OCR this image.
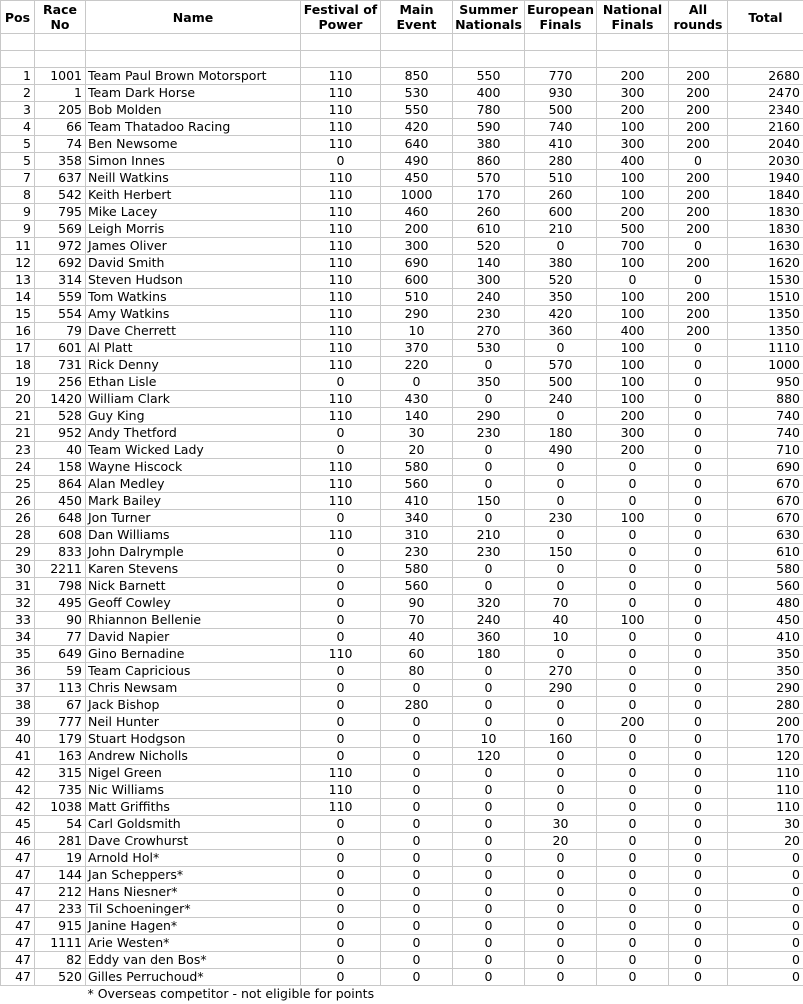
Pos	Race No	Name	Festival of Power	Main Event	Summer Nationals	European Finals	National Finals	All rounds	Total

1	1001	Team Paul Brown Motorsport	110	850	550	770	200	200	2680
2	1	Team Dark Horse	110	530	400	930	300	200	2470
3	205	Bob Molden	110	550	780	500	200	200	2340
4	66	Team Thatadoo Racing	110	420	590	740	100	200	2160
5	74	Ben Newsome	110	640	380	410	300	200	2040
5	358	Simon Innes	0	490	860	280	400	0	2030
7	637	Neill Watkins	110	450	570	510	100	200	1940
8	542	Keith Herbert	110	1000	170	260	100	200	1840
9	795	Mike Lacey	110	460	260	600	200	200	1830
9	569	Leigh Morris	110	200	610	210	500	200	1830
11	972	James Oliver	110	300	520	0	700	0	1630
12	692	David Smith	110	690	140	380	100	200	1620
13	314	Steven Hudson	110	600	300	520	0	0	1530
14	559	Tom Watkins	110	510	240	350	100	200	1510
15	554	Amy Watkins	110	290	230	420	100	200	1350
16	79	Dave Cherrett	110	10	270	360	400	200	1350
17	601	Al Platt	110	370	530	0	100	0	1110
18	731	Rick Denny	110	220	0	570	100	0	1000
19	256	Ethan Lisle	0	0	350	500	100	0	950
20	1420	William Clark	110	430	0	240	100	0	880
21	528	Guy King	110	140	290	0	200	0	740
21	952	Andy Thetford	0	30	230	180	300	0	740
23	40	Team Wicked Lady	0	20	0	490	200	0	710
24	158	Wayne Hiscock	110	580	0	0	0	0	690
25	864	Alan Medley	110	560	0	0	0	0	670
26	450	Mark Bailey	110	410	150	0	0	0	670
26	648	Jon Turner	0	340	0	230	100	0	670
28	608	Dan Williams	110	310	210	0	0	0	630
29	833	John Dalrymple	0	230	230	150	0	0	610
30	2211	Karen Stevens	0	580	0	0	0	0	580
31	798	Nick Barnett	0	560	0	0	0	0	560
32	495	Geoff Cowley	0	90	320	70	0	0	480
33	90	Rhiannon Bellenie	0	70	240	40	100	0	450
34	77	David Napier	0	40	360	10	0	0	410
35	649	Gino Bernadine	110	60	180	0	0	0	350
36	59	Team Capricious	0	80	0	270	0	0	350
37	113	Chris Newsam	0	0	0	290	0	0	290
38	67	Jack Bishop	0	280	0	0	0	0	280
39	777	Neil Hunter	0	0	0	0	200	0	200
40	179	Stuart Hodgson	0	0	10	160	0	0	170
41	163	Andrew Nicholls	0	0	120	0	0	0	120
42	315	Nigel Green	110	0	0	0	0	0	110
42	735	Nic Williams	110	0	0	0	0	0	110
42	1038	Matt Griffiths	110	0	0	0	0	0	110
45	54	Carl Goldsmith	0	0	0	30	0	0	30
46	281	Dave Crowhurst	0	0	0	20	0	0	20
47	19	Arnold Hol*	0	0	0	0	0	0	0
47	144	Jan Scheppers*	0	0	0	0	0	0	0
47	212	Hans Niesner*	0	0	0	0	0	0	0
47	233	Til Schoeninger*	0	0	0	0	0	0	0
47	915	Janine Hagen*	0	0	0	0	0	0	0
47	1111	Arie Westen*	0	0	0	0	0	0	0
47	82	Eddy van den Bos*	0	0	0	0	0	0	0
47	520	Gilles Perruchoud*	0	0	0	0	0	0	0
		* Overseas competitor - not eligible for points							
